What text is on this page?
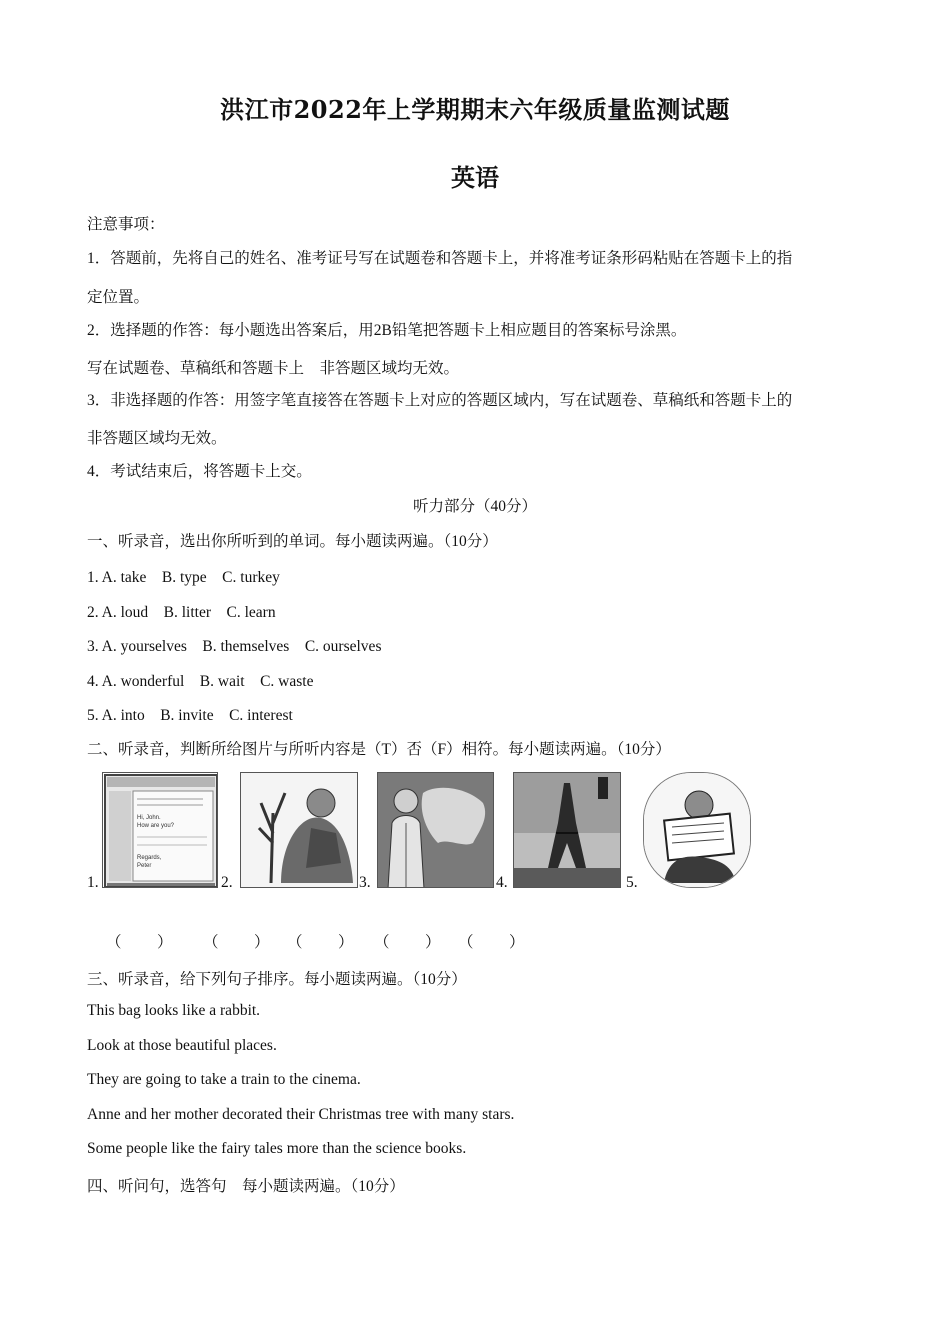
洪江市2022年上学期期末六年级质量监测试题
英语
注意事项：
1．答题前，先将自己的姓名、准考证号写在试题卷和答题卡上，并将准考证条形码粘贴在答题卡上的指
定位置。
2．选择题的作答：每小题选出答案后，用2B铅笔把答题卡上相应题目的答案标号涂黑。
写在试题卷、草稿纸和答题卡上　非答题区域均无效。
3．非选择题的作答：用签字笔直接答在答题卡上对应的答题区域内，写在试题卷、草稿纸和答题卡上的
非答题区域均无效。
4．考试结束后，将答题卡上交。
听力部分（40分）
一、听录音，选出你所听到的单词。每小题读两遍。（10分）
1. A. take　B. type　C. turkey
2. A. loud　B. litter　C. learn
3. A. yourselves　B. themselves　C. ourselves
4. A. wonderful　B. wait　C. waste
5. A. into　B. invite　C. interest
二、听录音，判断所给图片与所听内容是（T）否（F）相符。每小题读两遍。（10分）
Hi, John.
How are you?
Regards,
Peter
1.	2.	3.	4.	5.
（　） （　） （　） （　） （　）
三、听录音，给下列句子排序。每小题读两遍。（10分）
This bag looks like a rabbit.
Look at those beautiful places.
They are going to take a train to the cinema.
Anne and her mother decorated their Christmas tree with many stars.
Some people like the fairy tales more than the science books.
四、听问句，选答句　每小题读两遍。（10分）
